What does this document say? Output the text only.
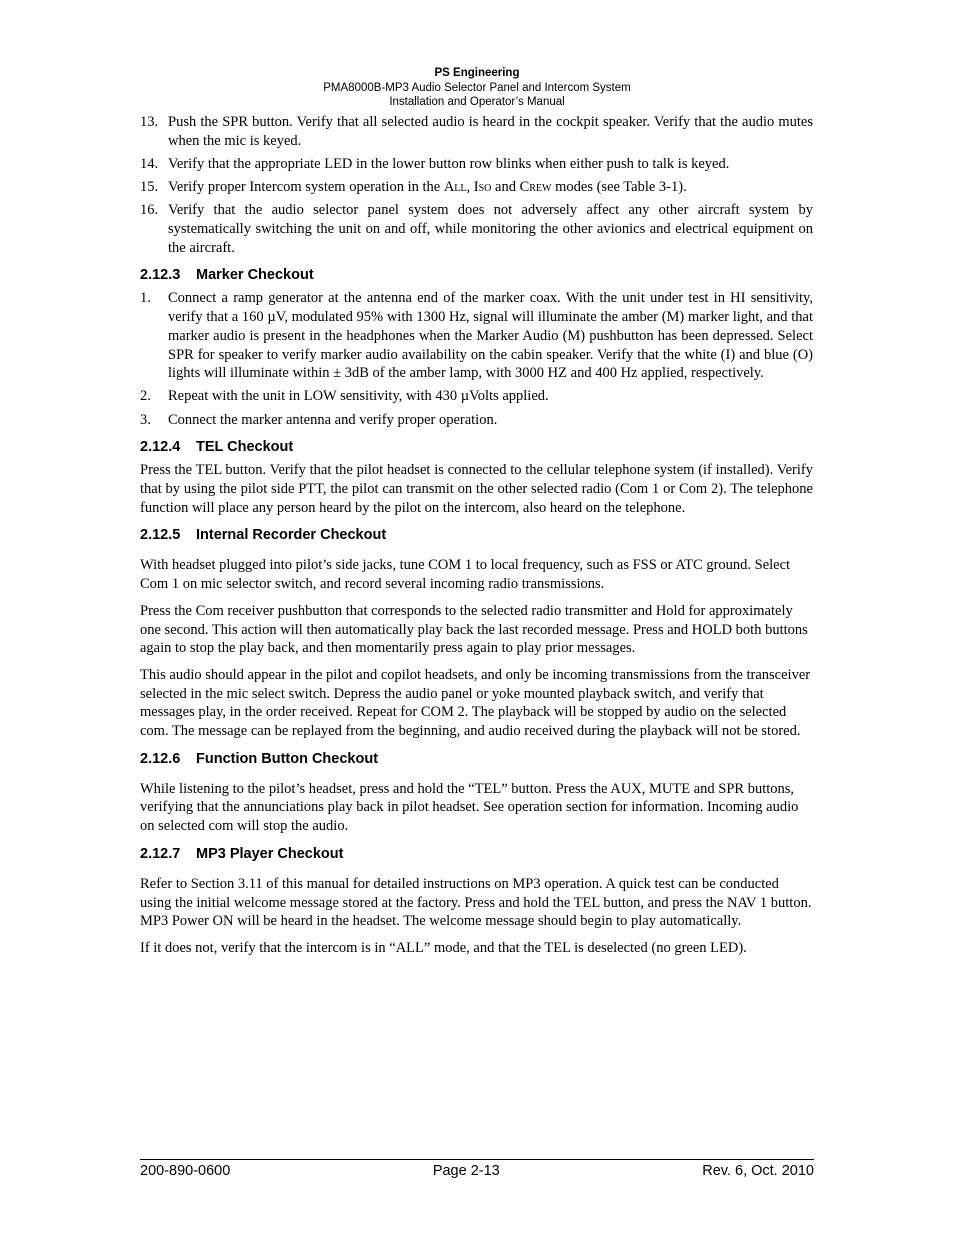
PS Engineering
PMA8000B-MP3 Audio Selector Panel and Intercom System
Installation and Operator’s Manual
13. Push the SPR button. Verify that all selected audio is heard in the cockpit speaker. Verify that the audio mutes when the mic is keyed.
14. Verify that the appropriate LED in the lower button row blinks when either push to talk is keyed.
15. Verify proper Intercom system operation in the All, Iso and Crew modes (see Table 3-1).
16. Verify that the audio selector panel system does not adversely affect any other aircraft system by systematically switching the unit on and off, while monitoring the other avionics and electrical equipment on the aircraft.
2.12.3 Marker Checkout
1.	Connect a ramp generator at the antenna end of the marker coax. With the unit under test in HI sensitivity, verify that a 160 µV, modulated 95% with 1300 Hz, signal will illuminate the amber (M) marker light, and that marker audio is present in the headphones when the Marker Audio (M) pushbutton has been depressed. Select SPR for speaker to verify marker audio availability on the cabin speaker. Verify that the white (I) and blue (O) lights will illuminate within ± 3dB of the amber lamp, with 3000 HZ and 400 Hz applied, respectively.
2.	Repeat with the unit in LOW sensitivity, with 430 µVolts applied.
3.	Connect the marker antenna and verify proper operation.
2.12.4 TEL Checkout

Press the TEL button. Verify that the pilot headset is connected to the cellular telephone system (if installed). Verify that by using the pilot side PTT, the pilot can transmit on the other selected radio (Com 1 or Com 2). The telephone function will place any person heard by the pilot on the intercom, also heard on the telephone.

2.12.5 Internal Recorder Checkout

With headset plugged into pilot’s side jacks, tune COM 1 to local frequency, such as FSS or ATC ground. Select Com 1 on mic selector switch, and record several incoming radio transmissions.

Press the Com receiver pushbutton that corresponds to the selected radio transmitter and Hold for approximately one second. This action will then automatically play back the last recorded message. Press and HOLD both buttons again to stop the play back, and then momentarily press again to play prior messages.

This audio should appear in the pilot and copilot headsets, and only be incoming transmissions from the transceiver selected in the mic select switch. Depress the audio panel or yoke mounted playback switch, and verify that messages play, in the order received. Repeat for COM 2. The playback will be stopped by audio on the selected com. The message can be replayed from the beginning, and audio received during the playback will not be stored.

2.12.6 Function Button Checkout

While listening to the pilot’s headset, press and hold the “TEL” button. Press the AUX, MUTE and SPR buttons, verifying that the annunciations play back in pilot headset. See operation section for information. Incoming audio on selected com will stop the audio.

2.12.7 MP3 Player Checkout

Refer to Section 3.11 of this manual for detailed instructions on MP3 operation. A quick test can be conducted using the initial welcome message stored at the factory. Press and hold the TEL button, and press the NAV 1 button. MP3 Power ON will be heard in the headset. The welcome message should begin to play automatically.

If it does not, verify that the intercom is in “ALL” mode, and that the TEL is deselected (no green LED).

200-890-0600	Page 2-13	Rev. 6, Oct. 2010
